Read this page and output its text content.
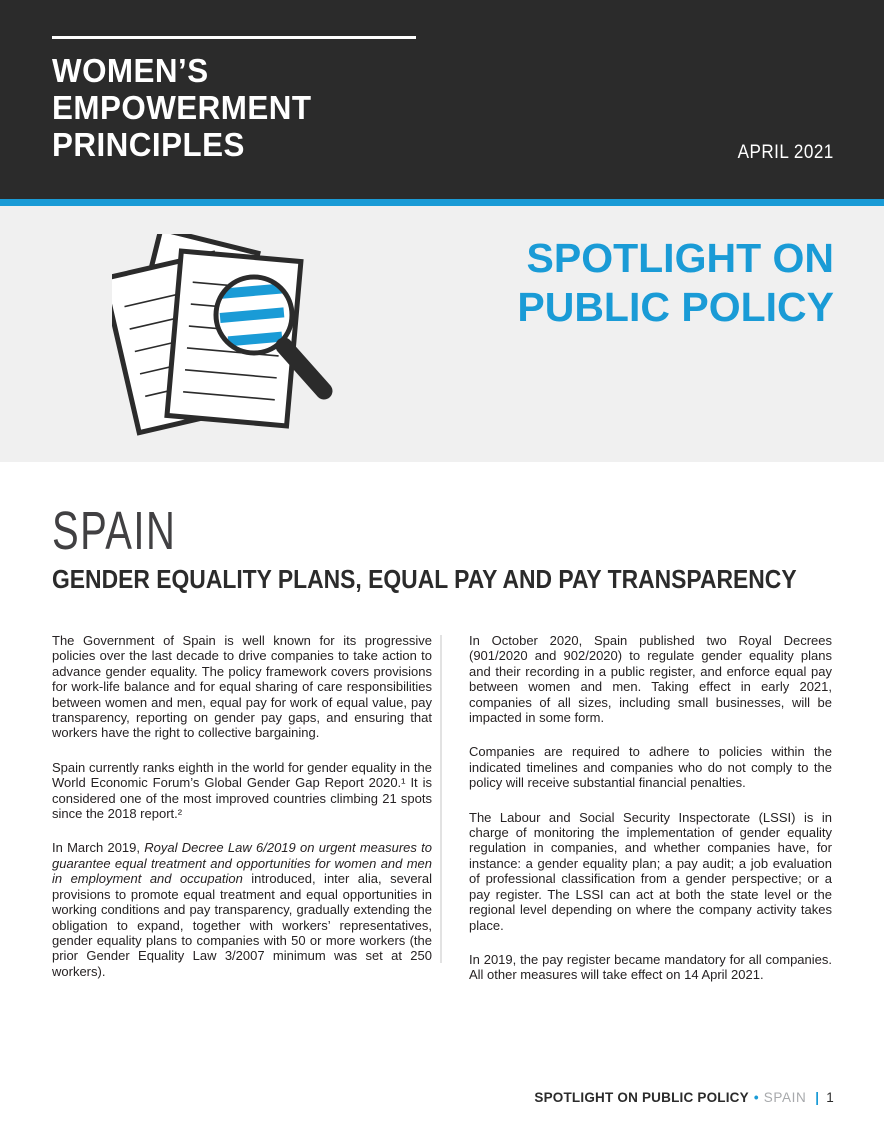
WOMEN’S
EMPOWERMENT
PRINCIPLES	APRIL 2021
SPOTLIGHT ON
PUBLIC POLICY
SPAIN
GENDER EQUALITY PLANS, EQUAL PAY AND PAY TRANSPARENCY

The Government of Spain is well known for its progressive policies over the last decade to drive companies to take action to advance gender equality. The policy framework covers provisions for work-life balance and for equal sharing of care responsibilities between women and men, equal pay for work of equal value, pay transparency, reporting on gender pay gaps, and ensuring that workers have the right to collective bargaining.

Spain currently ranks eighth in the world for gender equality in the World Economic Forum’s Global Gender Gap Report 2020.¹ It is considered one of the most improved countries climbing 21 spots since the 2018 report.²

In March 2019, Royal Decree Law 6/2019 on urgent measures to guarantee equal treatment and opportunities for women and men in employment and occupation introduced, inter alia, several provisions to promote equal treatment and equal opportunities in working conditions and pay transparency, gradually extending the obligation to expand, together with workers’ representatives, gender equality plans to companies with 50 or more workers (the prior Gender Equality Law 3/2007 minimum was set at 250 workers).

In October 2020, Spain published two Royal Decrees (901/2020 and 902/2020) to regulate gender equality plans and their recording in a public register, and enforce equal pay between women and men. Taking effect in early 2021, companies of all sizes, including small businesses, will be impacted in some form.

Companies are required to adhere to policies within the indicated timelines and companies who do not comply to the policy will receive substantial financial penalties.

The Labour and Social Security Inspectorate (LSSI) is in charge of monitoring the implementation of gender equality regulation in companies, and whether companies have, for instance: a gender equality plan; a pay audit; a job evaluation of professional classification from a gender perspective; or a pay register. The LSSI can act at both the state level or the regional level depending on where the company activity takes place.

In 2019, the pay register became mandatory for all companies. All other measures will take effect on 14 April 2021.

SPOTLIGHT ON PUBLIC POLICY • SPAIN | 1
